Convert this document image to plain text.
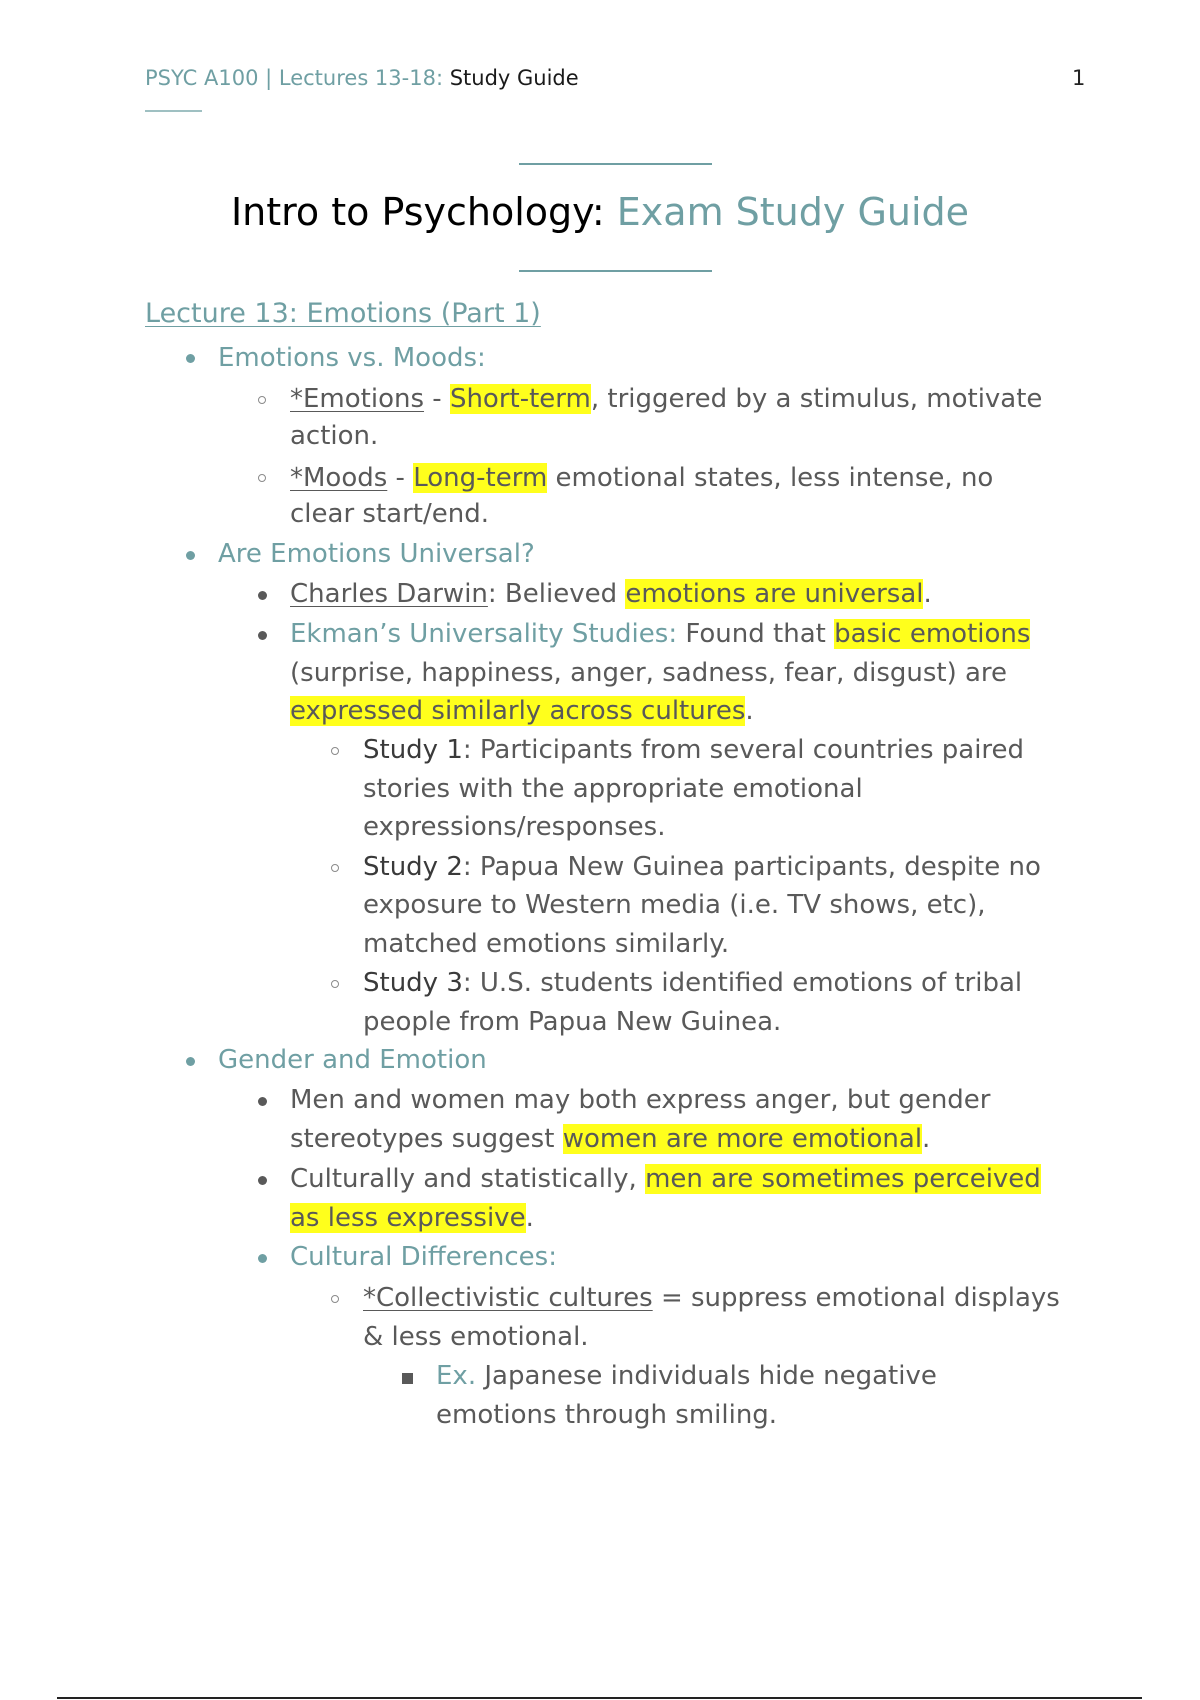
PSYC A100 | Lectures 13-18: Study Guide	1
Intro to Psychology: Exam Study Guide
Lecture 13: Emotions (Part 1)
Emotions vs. Moods:
*Emotions - Short-term, triggered by a stimulus, motivate
action.
*Moods - Long-term emotional states, less intense, no
clear start/end.
Are Emotions Universal?
Charles Darwin: Believed emotions are universal.
Ekman’s Universality Studies: Found that basic emotions
(surprise, happiness, anger, sadness, fear, disgust) are
expressed similarly across cultures.
Study 1: Participants from several countries paired
stories with the appropriate emotional
expressions/responses.
Study 2: Papua New Guinea participants, despite no
exposure to Western media (i.e. TV shows, etc),
matched emotions similarly.
Study 3: U.S. students identified emotions of tribal
people from Papua New Guinea.
Gender and Emotion
Men and women may both express anger, but gender
stereotypes suggest women are more emotional.
Culturally and statistically, men are sometimes perceived
as less expressive.
Cultural Differences:
*Collectivistic cultures = suppress emotional displays
& less emotional.
Ex. Japanese individuals hide negative
emotions through smiling.
